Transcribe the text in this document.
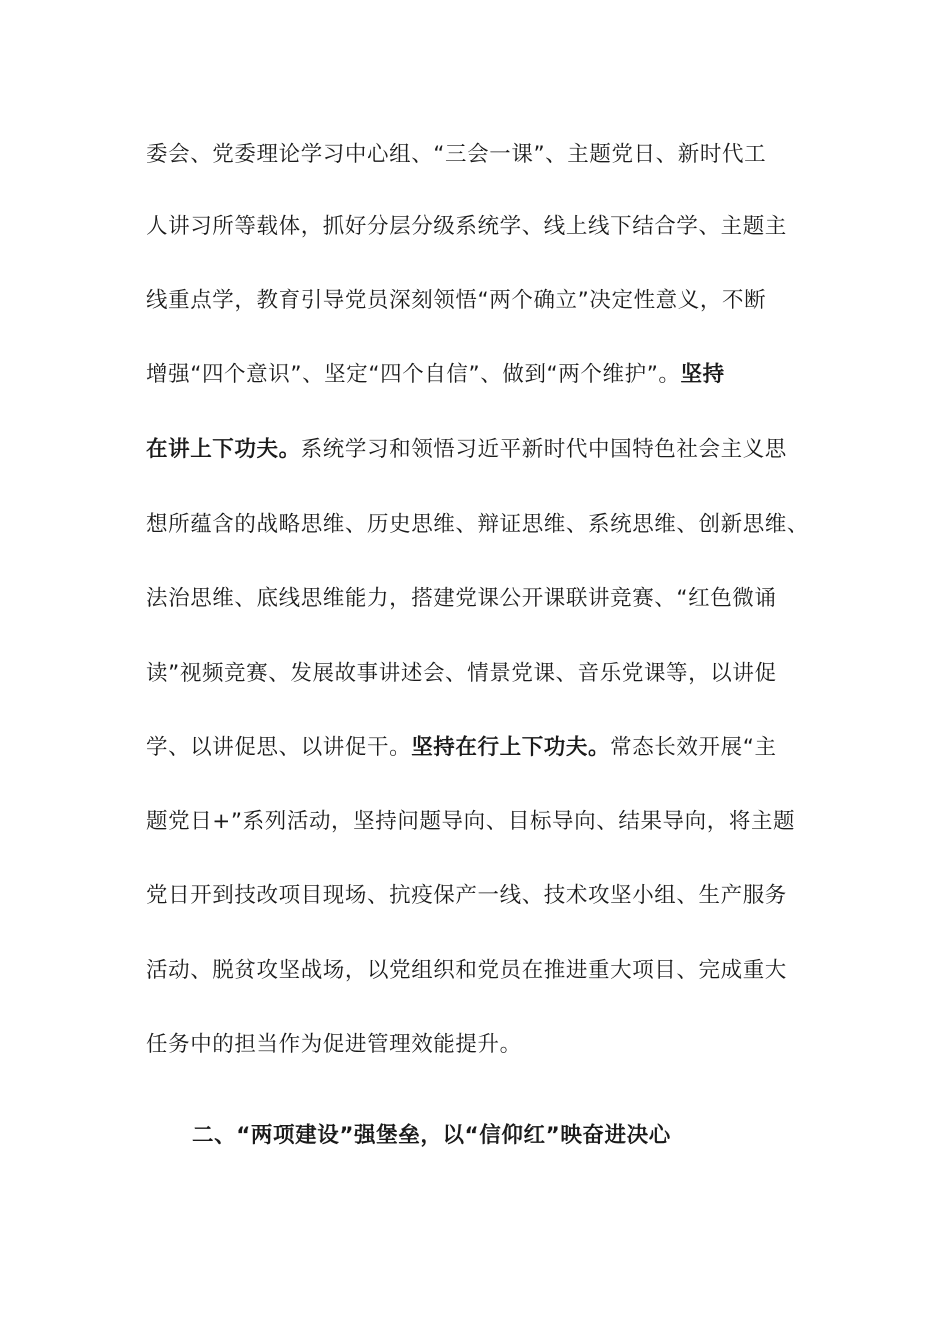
委会、党委理论学习中心组、“三会一课”、主题党日、新时代工
人讲习所等载体，抓好分层分级系统学、线上线下结合学、主题主
线重点学，教育引导党员深刻领悟“两个确立”决定性意义，不断
增强“四个意识”、坚定“四个自信”、做到“两个维护”。坚持
在讲上下功夫。系统学习和领悟习近平新时代中国特色社会主义思
想所蕴含的战略思维、历史思维、辩证思维、系统思维、创新思维、
法治思维、底线思维能力，搭建党课公开课联讲竞赛、“红色微诵
读”视频竞赛、发展故事讲述会、情景党课、音乐党课等，以讲促
学、以讲促思、以讲促干。坚持在行上下功夫。常态长效开展“主
题党日+”系列活动，坚持问题导向、目标导向、结果导向，将主题
党日开到技改项目现场、抗疫保产一线、技术攻坚小组、生产服务
活动、脱贫攻坚战场，以党组织和党员在推进重大项目、完成重大
任务中的担当作为促进管理效能提升。
二、“两项建设”强堡垒，以“信仰红”映奋进决心
